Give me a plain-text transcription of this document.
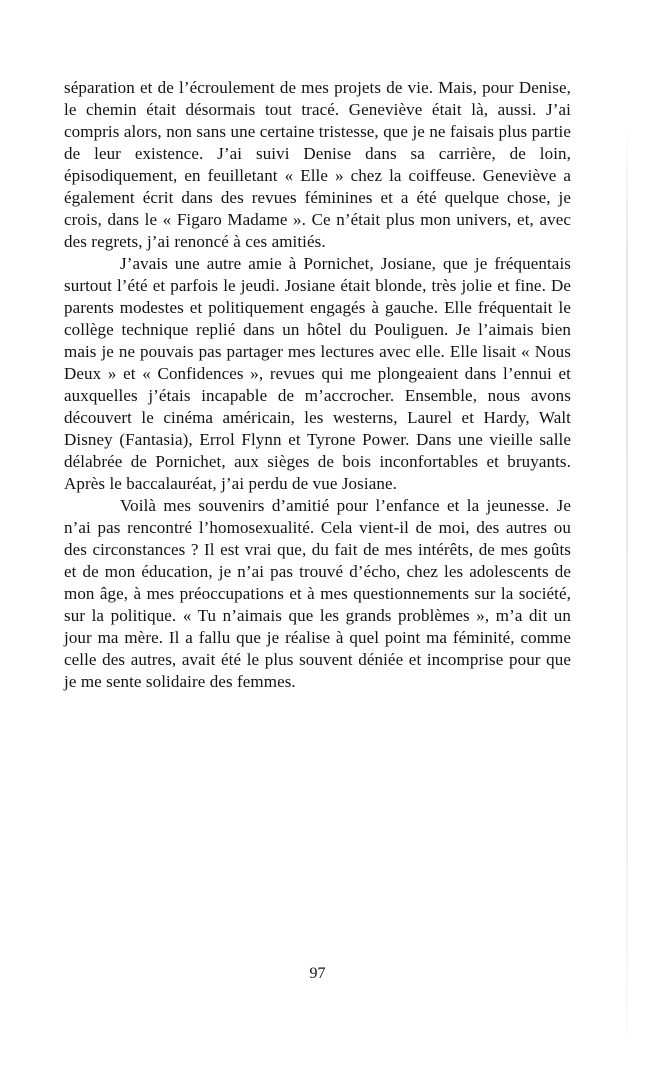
séparation et de l’écroulement de mes projets de vie. Mais, pour Denise, le chemin était désormais tout tracé. Geneviève était là, aussi. J’ai compris alors, non sans une certaine tristesse, que je ne faisais plus partie de leur existence. J’ai suivi Denise dans sa carrière, de loin, épisodiquement, en feuilletant « Elle » chez la coiffeuse. Geneviève a également écrit dans des revues féminines et a été quelque chose, je crois, dans le « Figaro Madame ». Ce n’était plus mon univers, et, avec des regrets, j’ai renoncé à ces amitiés.

J’avais une autre amie à Pornichet, Josiane, que je fréquentais surtout l’été et parfois le jeudi. Josiane était blonde, très jolie et fine. De parents modestes et politiquement engagés à gauche. Elle fréquentait le collège technique replié dans un hôtel du Pouliguen. Je l’aimais bien mais je ne pouvais pas partager mes lectures avec elle. Elle lisait « Nous Deux » et « Confidences », revues qui me plongeaient dans l’ennui et auxquelles j’étais incapable de m’accrocher. Ensemble, nous avons découvert le cinéma américain, les westerns, Laurel et Hardy, Walt Disney (Fantasia), Errol Flynn et Tyrone Power. Dans une vieille salle délabrée de Pornichet, aux sièges de bois inconfortables et bruyants. Après le baccalauréat, j’ai perdu de vue Josiane.

Voilà mes souvenirs d’amitié pour l’enfance et la jeunesse. Je n’ai pas rencontré l’homosexualité. Cela vient-il de moi, des autres ou des circonstances ? Il est vrai que, du fait de mes intérêts, de mes goûts et de mon éducation, je n’ai pas trouvé d’écho, chez les adolescents de mon âge, à mes préoccupations et à mes questionnements sur la société, sur la politique. « Tu n’aimais que les grands problèmes », m’a dit un jour ma mère. Il a fallu que je réalise à quel point ma féminité, comme celle des autres, avait été le plus souvent déniée et incomprise pour que je me sente solidaire des femmes.

97
